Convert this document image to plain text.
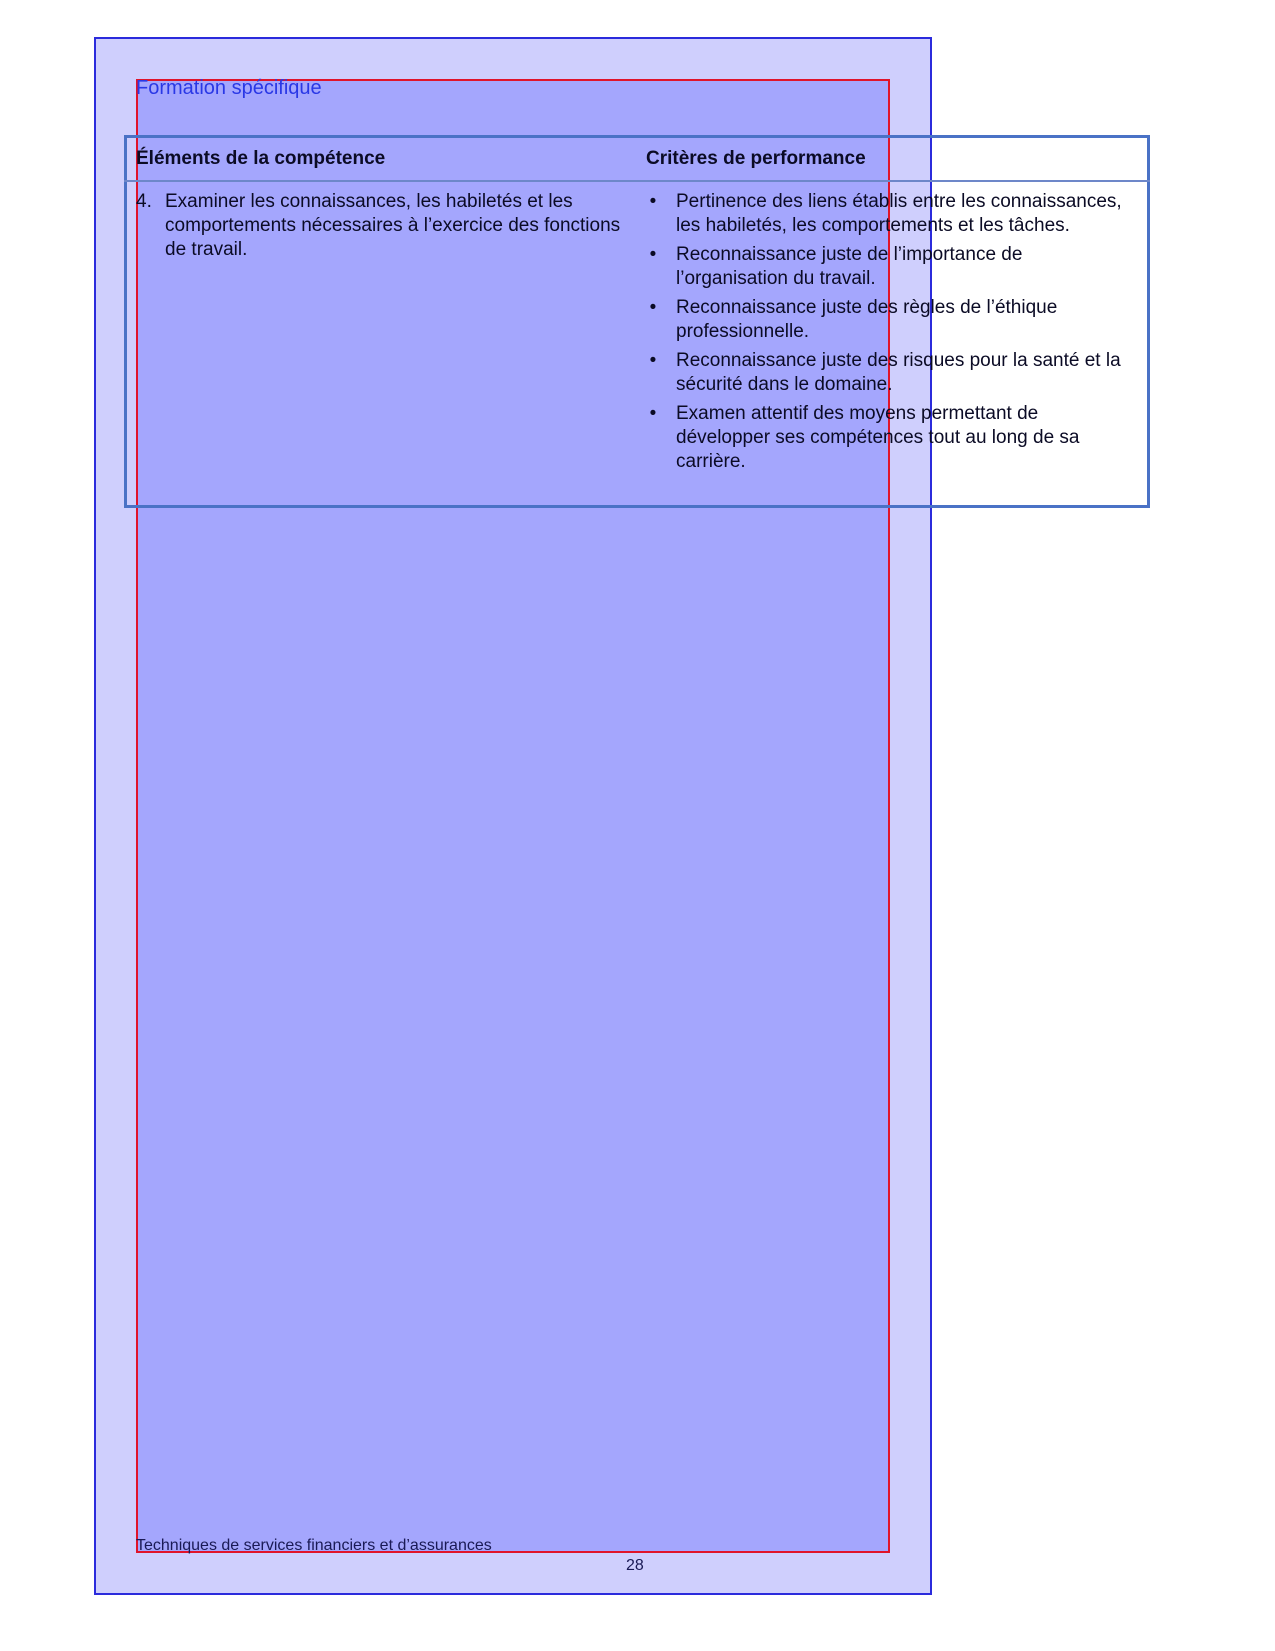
Formation spécifique
Éléments de la compétence	Critères de performance
4. Examiner les connaissances, les habiletés et les comportements nécessaires à l’exercice des fonctions de travail.
• Pertinence des liens établis entre les connaissances, les habiletés, les comportements et les tâches.
• Reconnaissance juste de l’importance de l’organisation du travail.
• Reconnaissance juste des règles de l’éthique professionnelle.
• Reconnaissance juste des risques pour la santé et la sécurité dans le domaine.
• Examen attentif des moyens permettant de développer ses compétences tout au long de sa carrière.
Techniques de services financiers et d’assurances
28
